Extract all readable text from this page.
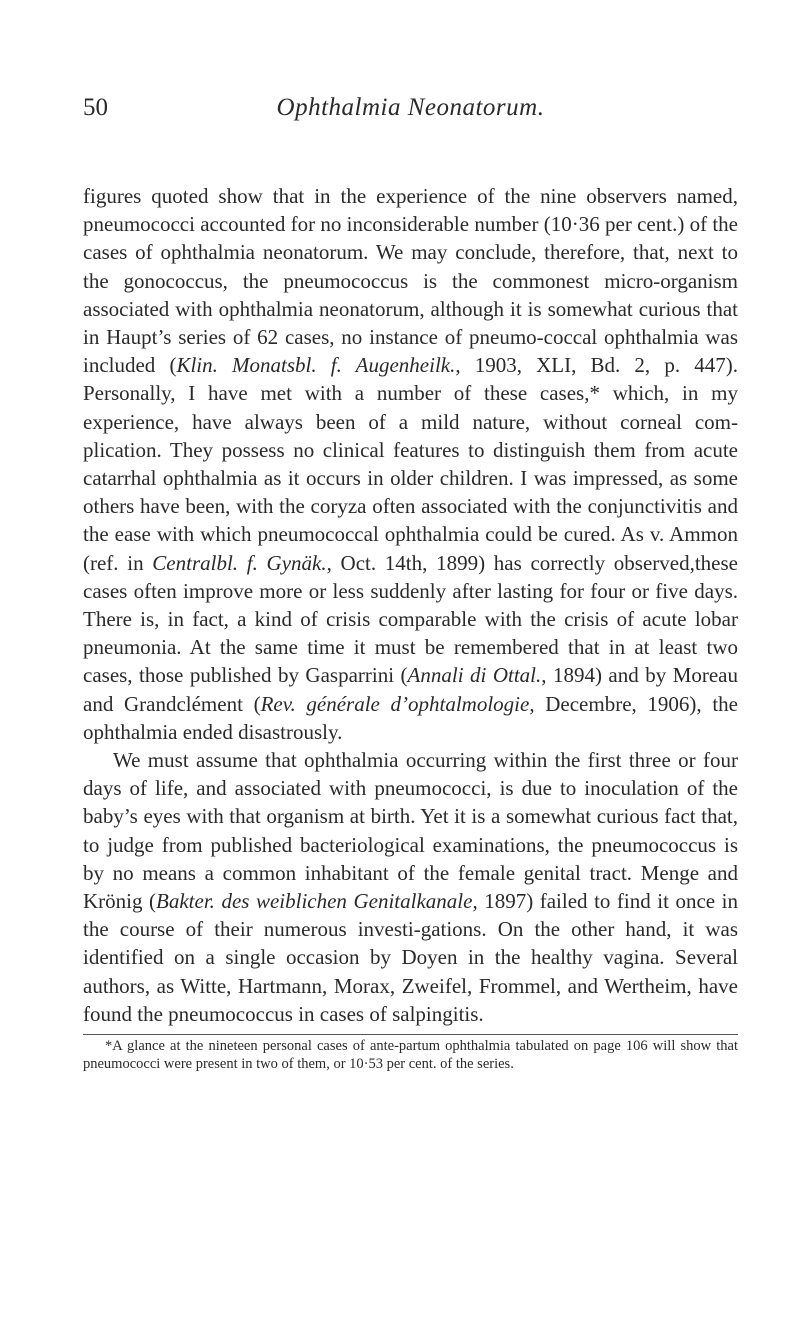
50	Ophthalmia Neonatorum.

figures quoted show that in the experience of the nine observers named, pneumococci accounted for no inconsiderable number (10·36 per cent.) of the cases of ophthalmia neonatorum. We may conclude, therefore, that, next to the gonococcus, the pneumococcus is the commonest micro-organism associated with ophthalmia neonatorum, although it is somewhat curious that in Haupt’s series of 62 cases, no instance of pneumo-coccal ophthalmia was included (Klin. Monatsbl. f. Augenheilk., 1903, XLI, Bd. 2, p. 447). Personally, I have met with a number of these cases,* which, in my experience, have always been of a mild nature, without corneal com-plication. They possess no clinical features to distinguish them from acute catarrhal ophthalmia as it occurs in older children. I was impressed, as some others have been, with the coryza often associated with the conjunctivitis and the ease with which pneumococcal ophthalmia could be cured. As v. Ammon (ref. in Centralbl. f. Gynäk., Oct. 14th, 1899) has correctly observed,these cases often improve more or less suddenly after lasting for four or five days. There is, in fact, a kind of crisis comparable with the crisis of acute lobar pneumonia. At the same time it must be remembered that in at least two cases, those published by Gasparrini (Annali di Ottal., 1894) and by Moreau and Grandclément (Rev. générale d’ophtalmologie, Decembre, 1906), the ophthalmia ended disastrously.

We must assume that ophthalmia occurring within the first three or four days of life, and associated with pneumococci, is due to inoculation of the baby’s eyes with that organism at birth. Yet it is a somewhat curious fact that, to judge from published bacteriological examinations, the pneumococcus is by no means a common inhabitant of the female genital tract. Menge and Krönig (Bakter. des weiblichen Genitalkanale, 1897) failed to find it once in the course of their numerous investi-gations. On the other hand, it was identified on a single occasion by Doyen in the healthy vagina. Several authors, as Witte, Hartmann, Morax, Zweifel, Frommel, and Wertheim, have found the pneumococcus in cases of salpingitis.

*A glance at the nineteen personal cases of ante-partum ophthalmia tabulated on page 106 will show that pneumococci were present in two of them, or 10·53 per cent. of the series.
